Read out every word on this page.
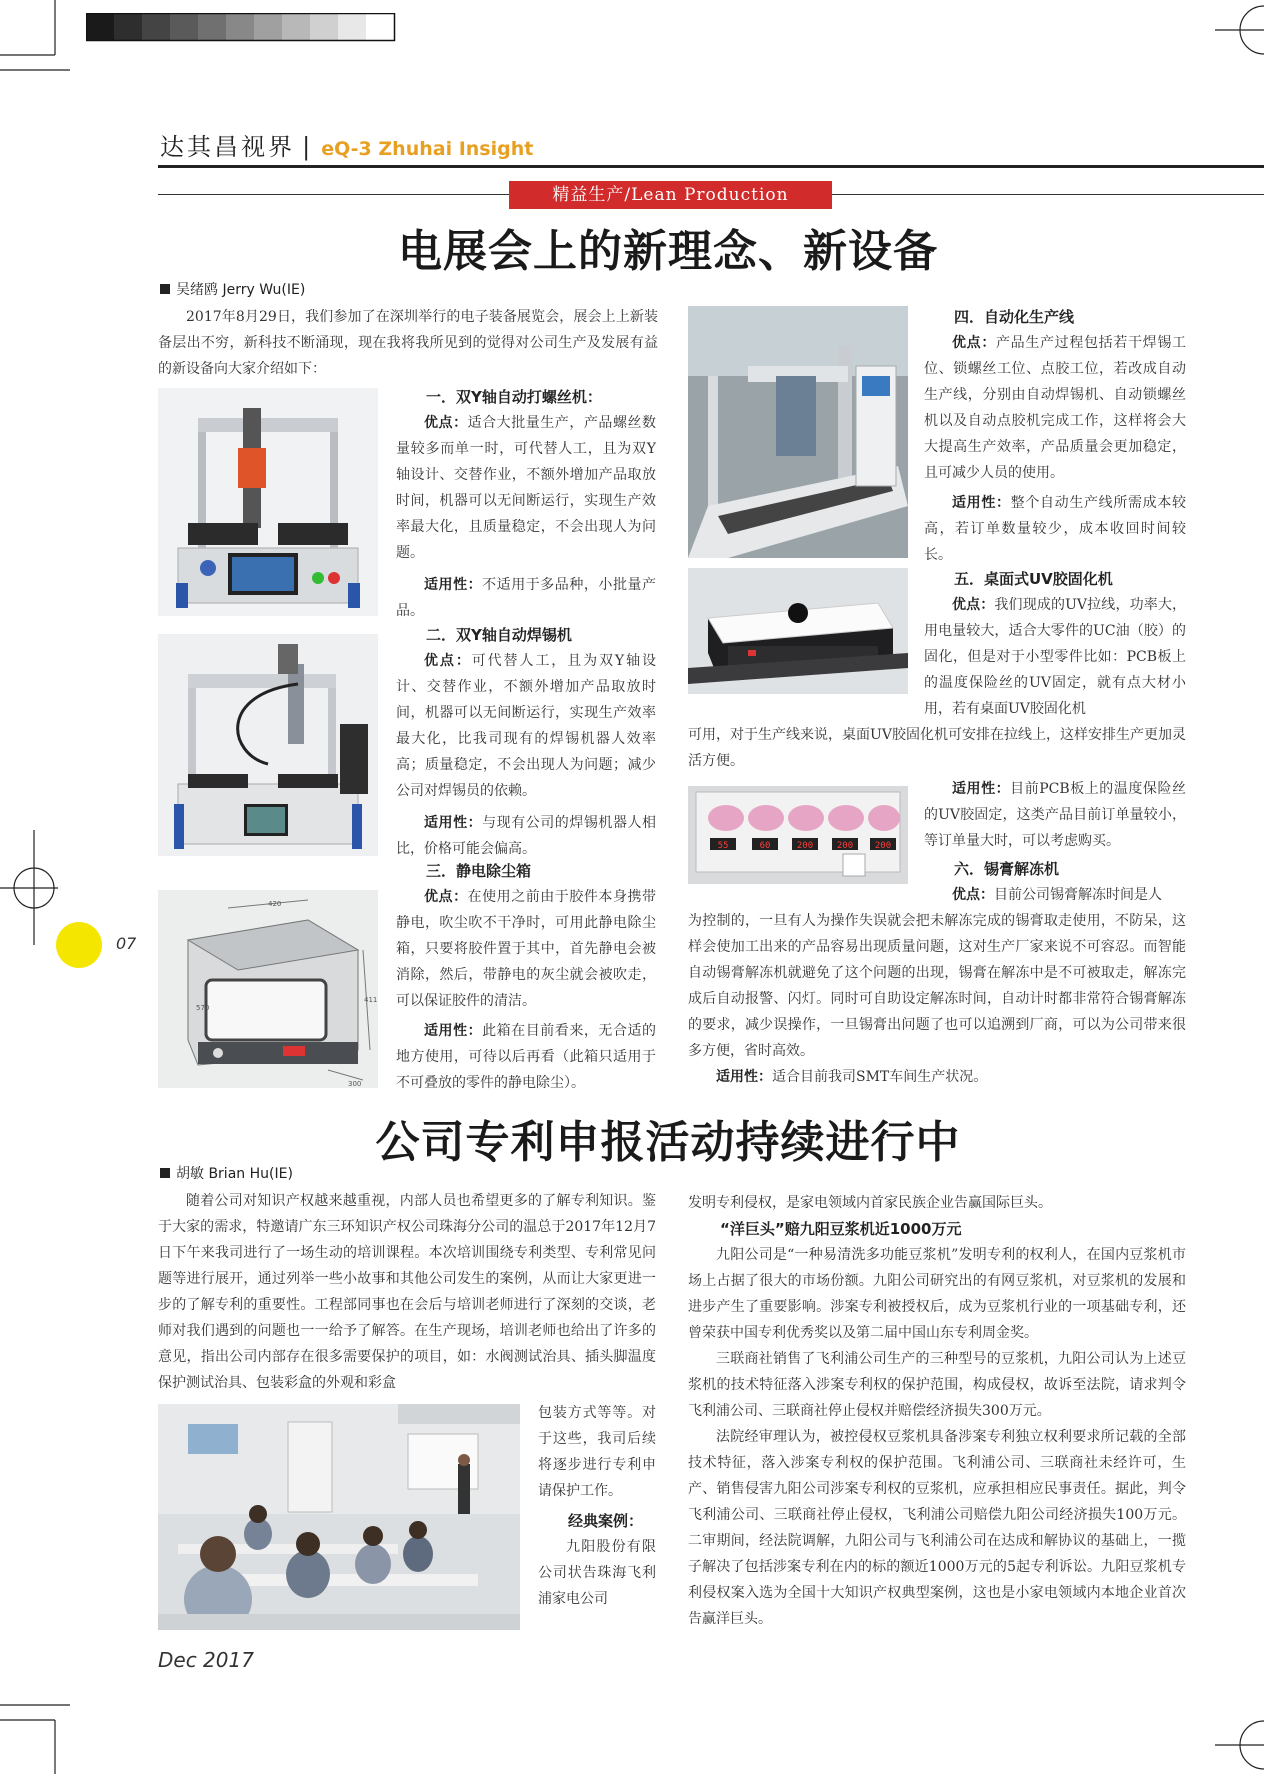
达其昌视界 | eQ-3 Zhuhai Insight
精益生产/Lean Production
电展会上的新理念、新设备
吴绪鸥 Jerry Wu(IE)

2017年8月29日，我们参加了在深圳举行的电子装备展览会，展会上上新装备层出不穷，新科技不断涌现，现在我将我所见到的觉得对公司生产及发展有益的新设备向大家介绍如下：

一．双Y轴自动打螺丝机：

优点：适合大批量生产，产品螺丝数量较多而单一时，可代替人工，且为双Y轴设计、交替作业，不额外增加产品取放时间，机器可以无间断运行，实现生产效率最大化，且质量稳定，不会出现人为问题。

适用性：不适用于多品种，小批量产品。

二．双Y轴自动焊锡机

优点：可代替人工，且为双Y轴设计、交替作业，不额外增加产品取放时间，机器可以无间断运行，实现生产效率最大化，比我司现有的焊锡机器人效率高；质量稳定，不会出现人为问题；减少公司对焊锡员的依赖。

适用性：与现有公司的焊锡机器人相比，价格可能会偏高。

420
570
411
300
三．静电除尘箱

优点：在使用之前由于胶件本身携带静电，吹尘吹不干净时，可用此静电除尘箱，只要将胶件置于其中，首先静电会被消除，然后，带静电的灰尘就会被吹走，可以保证胶件的清洁。

适用性：此箱在目前看来，无合适的地方使用，可待以后再看（此箱只适用于不可叠放的零件的静电除尘）。

四．自动化生产线

优点：产品生产过程包括若干焊锡工位、锁螺丝工位、点胶工位，若改成自动生产线，分别由自动焊锡机、自动锁螺丝机以及自动点胶机完成工作，这样将会大大提高生产效率，产品质量会更加稳定，且可减少人员的使用。

适用性：整个自动生产线所需成本较高，若订单数量较少，成本收回时间较长。

五．桌面式UV胶固化机

优点：我们现成的UV拉线，功率大，用电量较大，适合大零件的UC油（胶）的固化，但是对于小型零件比如：PCB板上的温度保险丝的UV固定，就有点大材小用，若有桌面UV胶固化机

可用，对于生产线来说，桌面UV胶固化机可安排在拉线上，这样安排生产更加灵活方便。

55	60	200	200 200

适用性：目前PCB板上的温度保险丝的UV胶固定，这类产品目前订单量较小，等订单量大时，可以考虑购买。

六．锡膏解冻机

优点：目前公司锡膏解冻时间是人

为控制的，一旦有人为操作失误就会把未解冻完成的锡膏取走使用，不防呆，这样会使加工出来的产品容易出现质量问题，这对生产厂家来说不可容忍。而智能自动锡膏解冻机就避免了这个问题的出现，锡膏在解冻中是不可被取走，解冻完成后自动报警、闪灯。同时可自助设定解冻时间，自动计时都非常符合锡膏解冻的要求，减少误操作，一旦锡膏出问题了也可以追溯到厂商，可以为公司带来很多方便，省时高效。

适用性：适合目前我司SMT车间生产状况。

07
公司专利申报活动持续进行中
胡敏 Brian Hu(IE)

随着公司对知识产权越来越重视，内部人员也希望更多的了解专利知识。鉴于大家的需求，特邀请广东三环知识产权公司珠海分公司的温总于2017年12月7日下午来我司进行了一场生动的培训课程。本次培训围绕专利类型、专利常见问题等进行展开，通过列举一些小故事和其他公司发生的案例，从而让大家更进一步的了解专利的重要性。工程部同事也在会后与培训老师进行了深刻的交谈，老师对我们遇到的问题也一一给予了解答。在生产现场，培训老师也给出了许多的意见，指出公司内部存在很多需要保护的项目，如：水阀测试治具、插头脚温度保护测试治具、包装彩盒的外观和彩盒

包装方式等等。对于这些，我司后续将逐步进行专利申请保护工作。

经典案例：

九阳股份有限公司状告珠海飞利浦家电公司

发明专利侵权，是家电领域内首家民族企业告赢国际巨头。

“洋巨头”赔九阳豆浆机近1000万元

九阳公司是“一种易清洗多功能豆浆机”发明专利的权利人，在国内豆浆机市场上占据了很大的市场份额。九阳公司研究出的有网豆浆机，对豆浆机的发展和进步产生了重要影响。涉案专利被授权后，成为豆浆机行业的一项基础专利，还曾荣获中国专利优秀奖以及第二届中国山东专利周金奖。

三联商社销售了飞利浦公司生产的三种型号的豆浆机，九阳公司认为上述豆浆机的技术特征落入涉案专利权的保护范围，构成侵权，故诉至法院，请求判令飞利浦公司、三联商社停止侵权并赔偿经济损失300万元。

法院经审理认为，被控侵权豆浆机具备涉案专利独立权利要求所记载的全部技术特征，落入涉案专利权的保护范围。飞利浦公司、三联商社未经许可，生产、销售侵害九阳公司涉案专利权的豆浆机，应承担相应民事责任。据此，判令飞利浦公司、三联商社停止侵权，飞利浦公司赔偿九阳公司经济损失100万元。二审期间，经法院调解，九阳公司与飞利浦公司在达成和解协议的基础上，一揽子解决了包括涉案专利在内的标的额近1000万元的5起专利诉讼。九阳豆浆机专利侵权案入选为全国十大知识产权典型案例，这也是小家电领域内本地企业首次告赢洋巨头。

Dec 2017
